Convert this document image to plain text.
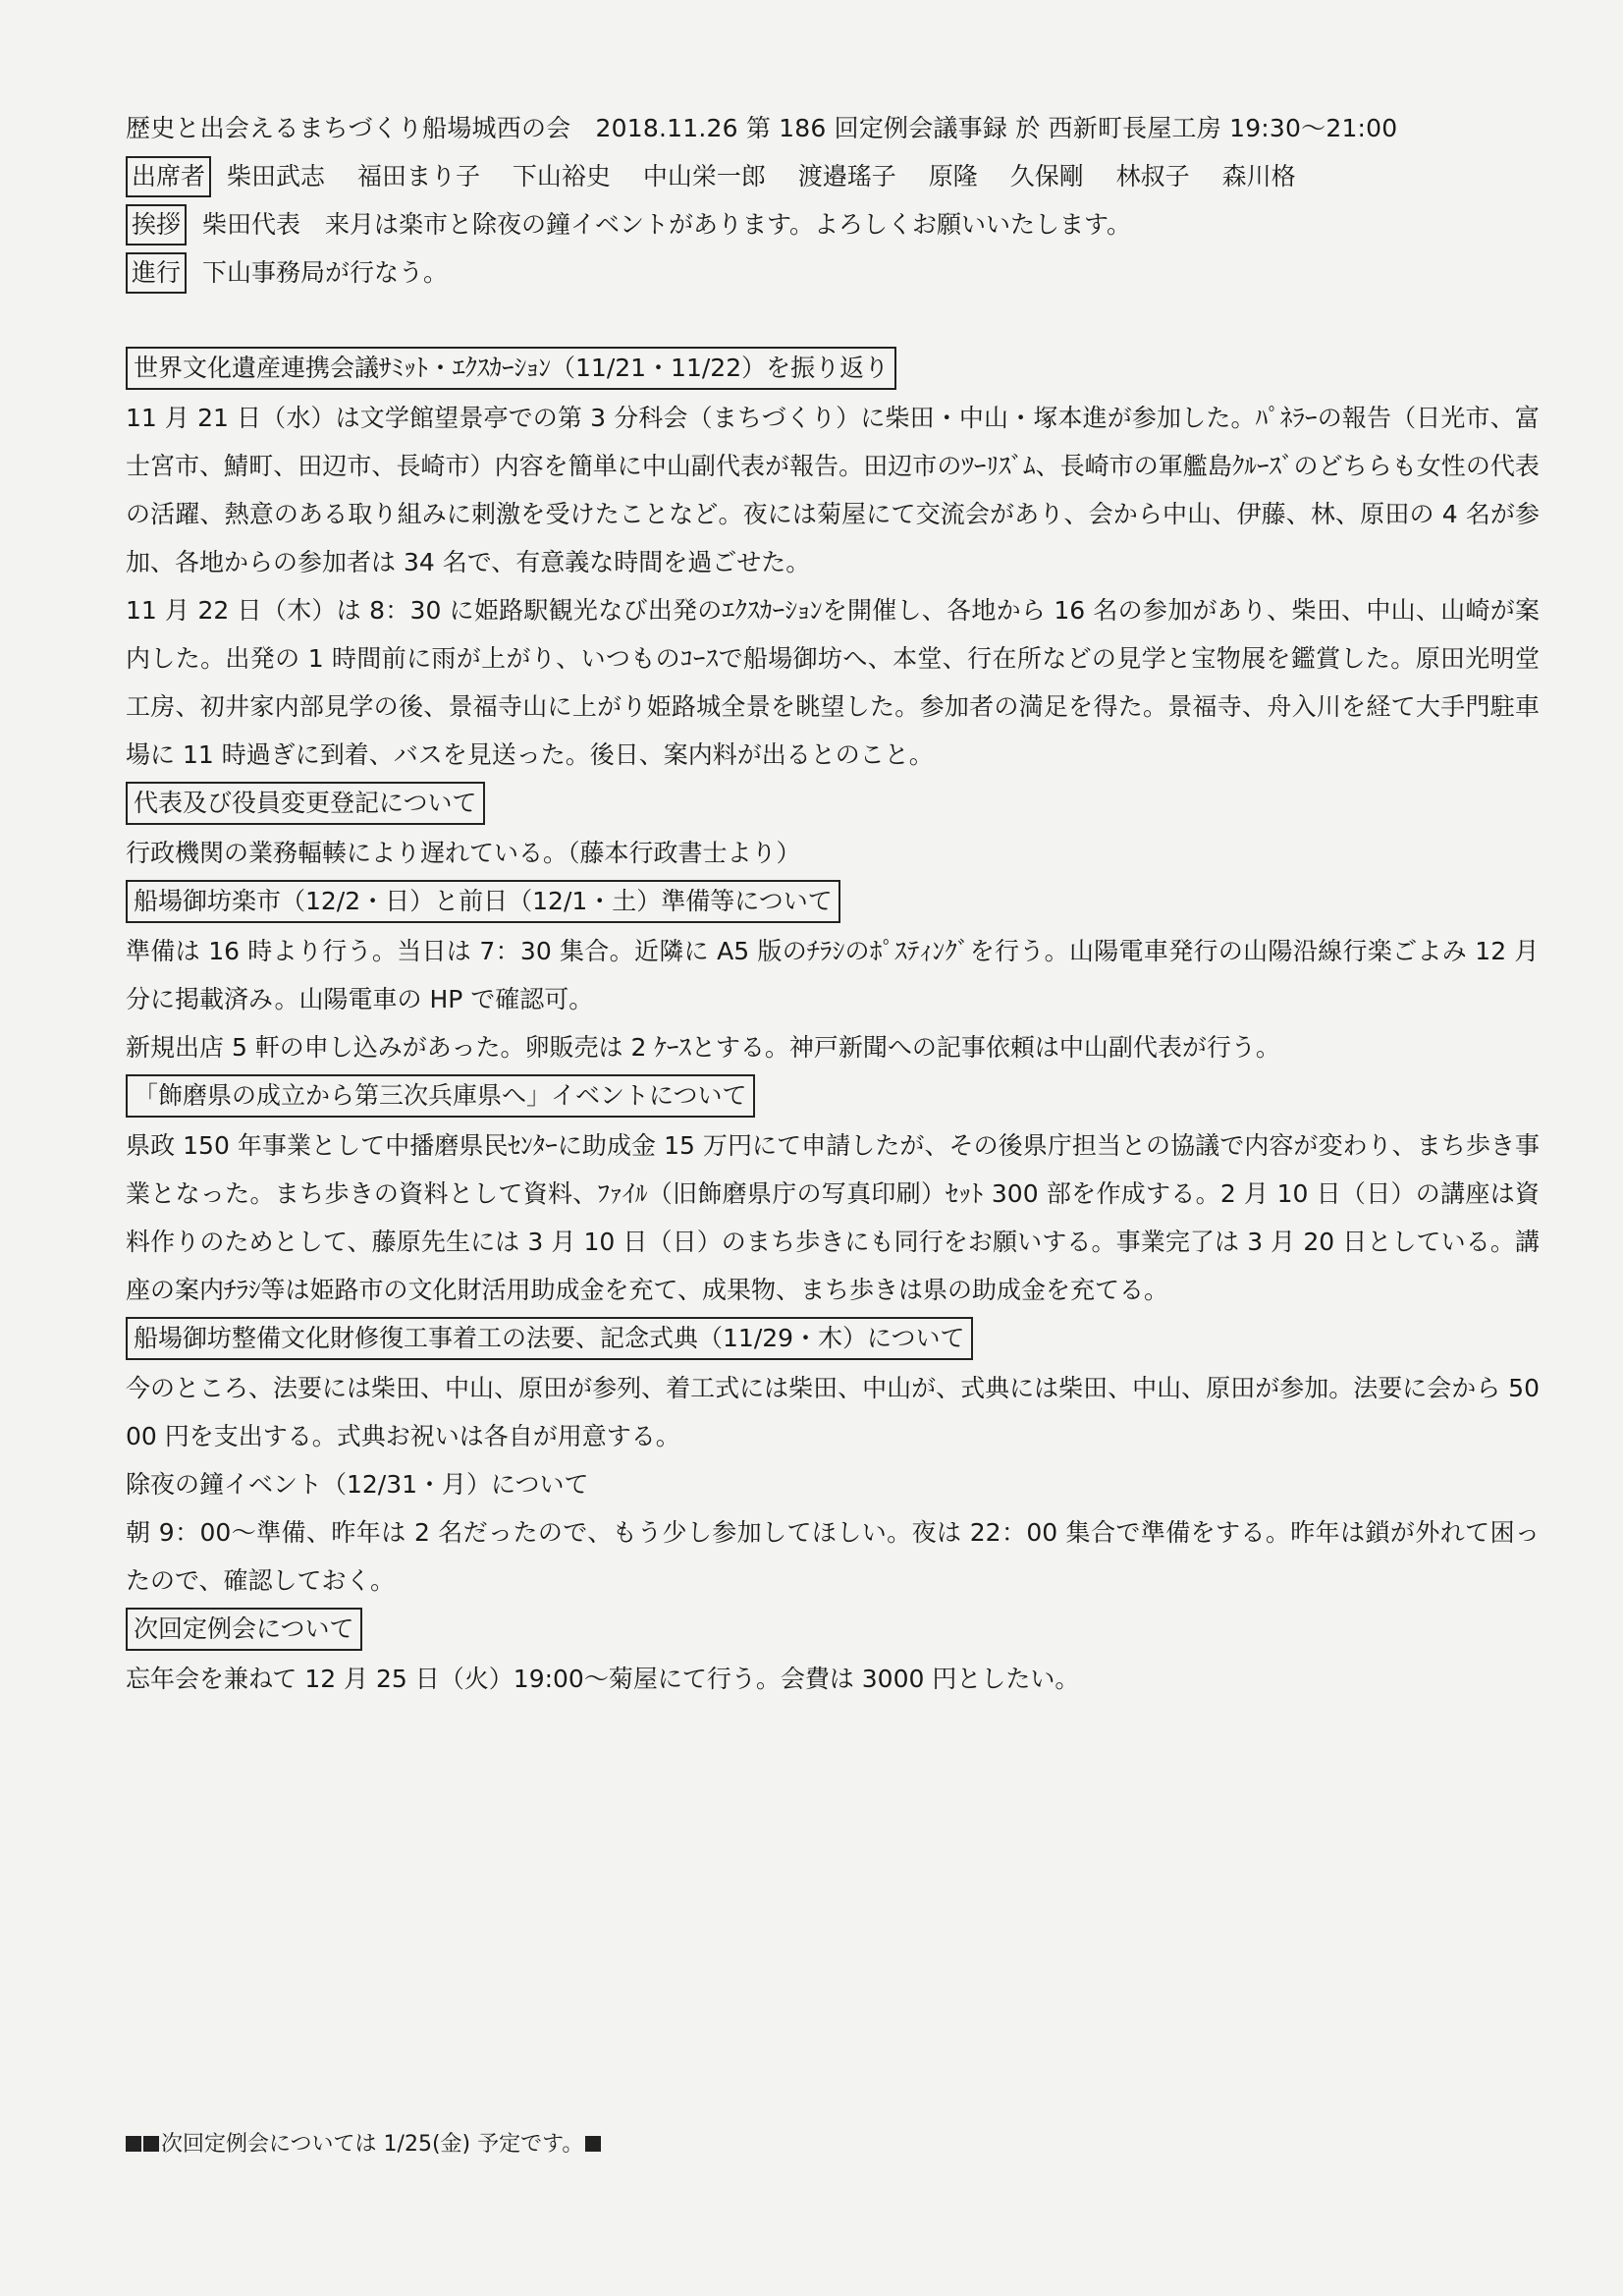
歴史と出会えるまちづくり船場城西の会　2018.11.26 第 186 回定例会議事録 於 西新町長屋工房 19:30～21:00
出席者 柴田武志　 福田まり子　 下山裕史　 中山栄一郎　 渡邉瑤子　 原隆　 久保剛　 林叔子　 森川格
挨拶 柴田代表　来月は楽市と除夜の鐘イベントがあります。よろしくお願いいたします。
進行 下山事務局が行なう。
世界文化遺産連携会議ｻﾐｯﾄ・ｴｸｽｶｰｼｮﾝ（11/21・11/22）を振り返り
11 月 21 日（水）は文学館望景亭での第 3 分科会（まちづくり）に柴田・中山・塚本進が参加した。ﾊﾟﾈﾗｰの報告（日光市、富士宮市、鯖町、田辺市、長崎市）内容を簡単に中山副代表が報告。田辺市のﾂｰﾘｽﾞﾑ、長崎市の軍艦島ｸﾙｰｽﾞのどちらも女性の代表の活躍、熱意のある取り組みに刺激を受けたことなど。夜には菊屋にて交流会があり、会から中山、伊藤、林、原田の 4 名が参加、各地からの参加者は 34 名で、有意義な時間を過ごせた。
11 月 22 日（木）は 8：30 に姫路駅観光なび出発のｴｸｽｶｰｼｮﾝを開催し、各地から 16 名の参加があり、柴田、中山、山崎が案内した。出発の 1 時間前に雨が上がり、いつものｺｰｽで船場御坊へ、本堂、行在所などの見学と宝物展を鑑賞した。原田光明堂工房、初井家内部見学の後、景福寺山に上がり姫路城全景を眺望した。参加者の満足を得た。景福寺、舟入川を経て大手門駐車場に 11 時過ぎに到着、バスを見送った。後日、案内料が出るとのこと。
代表及び役員変更登記について
行政機関の業務輻輳により遅れている。（藤本行政書士より）
船場御坊楽市（12/2・日）と前日（12/1・土）準備等について
準備は 16 時より行う。当日は 7：30 集合。近隣に A5 版のﾁﾗｼのﾎﾟｽﾃｨﾝｸﾞを行う。山陽電車発行の山陽沿線行楽ごよみ 12 月分に掲載済み。山陽電車の HP で確認可。
新規出店 5 軒の申し込みがあった。卵販売は 2 ｹｰｽとする。神戸新聞への記事依頼は中山副代表が行う。
「飾磨県の成立から第三次兵庫県へ」イベントについて
県政 150 年事業として中播磨県民ｾﾝﾀｰに助成金 15 万円にて申請したが、その後県庁担当との協議で内容が変わり、まち歩き事業となった。まち歩きの資料として資料、ﾌｧｲﾙ（旧飾磨県庁の写真印刷）ｾｯﾄ 300 部を作成する。2 月 10 日（日）の講座は資料作りのためとして、藤原先生には 3 月 10 日（日）のまち歩きにも同行をお願いする。事業完了は 3 月 20 日としている。講座の案内ﾁﾗｼ等は姫路市の文化財活用助成金を充て、成果物、まち歩きは県の助成金を充てる。
船場御坊整備文化財修復工事着工の法要、記念式典（11/29・木）について
今のところ、法要には柴田、中山、原田が参列、着工式には柴田、中山が、式典には柴田、中山、原田が参加。法要に会から 5000 円を支出する。式典お祝いは各自が用意する。
除夜の鐘イベント（12/31・月）について
朝 9：00～準備、昨年は 2 名だったので、もう少し参加してほしい。夜は 22：00 集合で準備をする。昨年は鎖が外れて困ったので、確認しておく。
次回定例会について
忘年会を兼ねて 12 月 25 日（火）19:00～菊屋にて行う。会費は 3000 円としたい。
次回定例会については 1/25(金) 予定です。
